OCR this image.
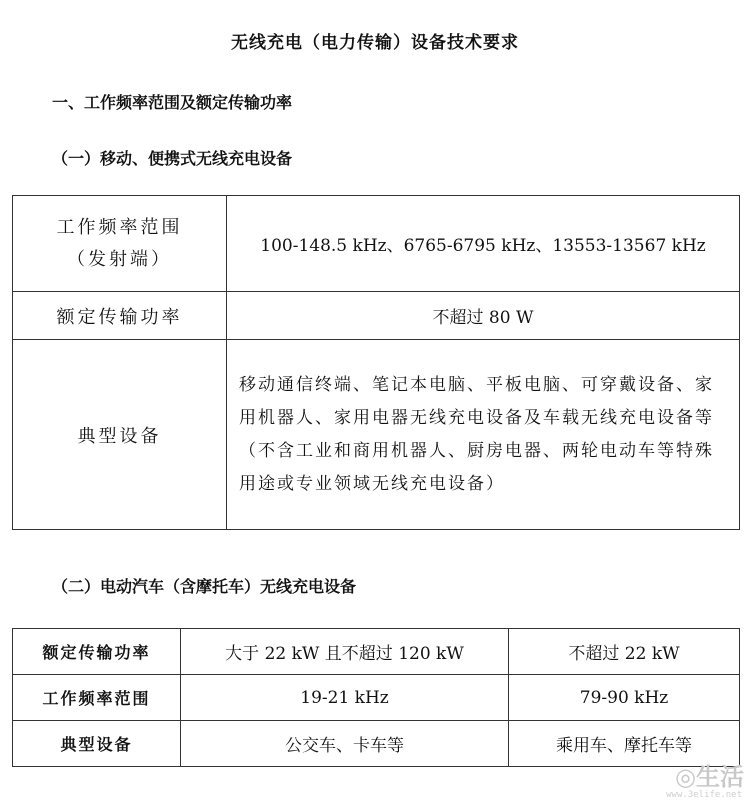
无线充电（电力传输）设备技术要求
一、工作频率范围及额定传输功率
（一）移动、便携式无线充电设备
工作频率范围
（发射端）	100-148.5 kHz、6765-6795 kHz、13553-13567 kHz
额定传输功率	不超过 80 W
典型设备	移动通信终端、笔记本电脑、平板电脑、可穿戴设备、家用机器人、家用电器无线充电设备及车载无线充电设备等（不含工业和商用机器人、厨房电器、两轮电动车等特殊用途或专业领域无线充电设备）
（二）电动汽车（含摩托车）无线充电设备
额定传输功率	大于 22 kW 且不超过 120 kW	不超过 22 kW
工作频率范围	19-21 kHz	79-90 kHz
典型设备	公交车、卡车等	乘用车、摩托车等
◎生活
www.3elife.net
